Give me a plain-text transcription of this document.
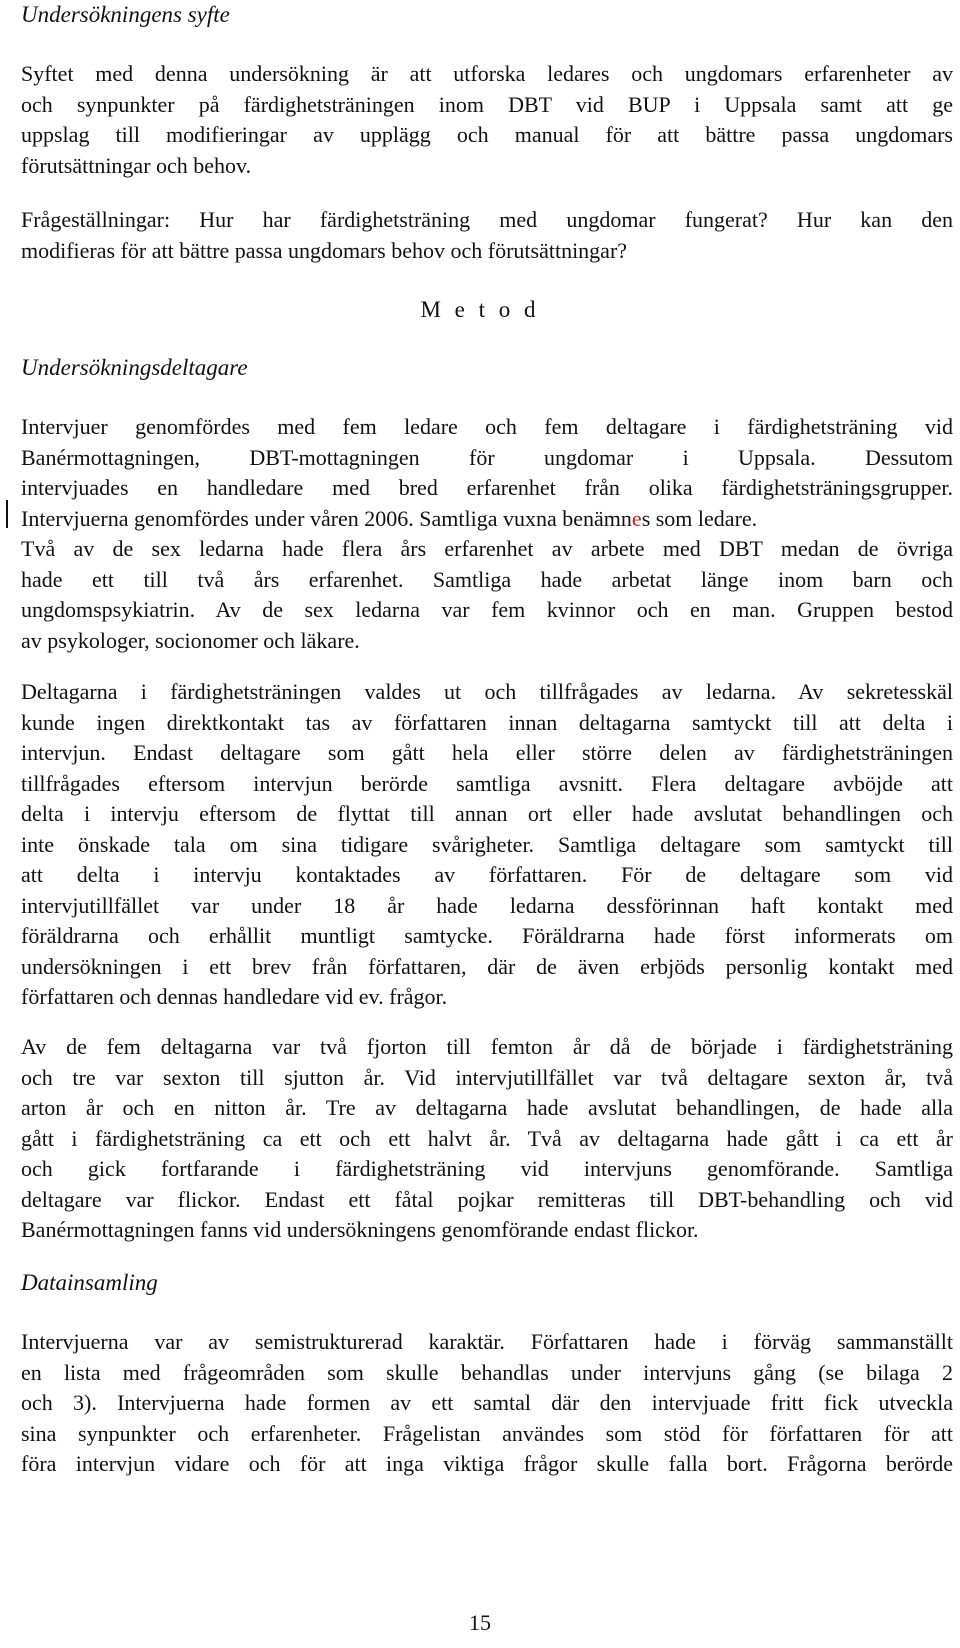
Undersökningens syfte
Syftet med denna undersökning är att utforska ledares och ungdomars erfarenheter av
och synpunkter på färdighetsträningen inom DBT vid BUP i Uppsala samt att ge
uppslag till modifieringar av upplägg och manual för att bättre passa ungdomars
förutsättningar och behov.
Frågeställningar: Hur har färdighetsträning med ungdomar fungerat? Hur kan den
modifieras för att bättre passa ungdomars behov och förutsättningar?
M e t o d
Undersökningsdeltagare
Intervjuer genomfördes med fem ledare och fem deltagare i färdighetsträning vid
Banérmottagningen, DBT-mottagningen för ungdomar i Uppsala. Dessutom
intervjuades en handledare med bred erfarenhet från olika färdighetsträningsgrupper.
Intervjuerna genomfördes under våren 2006. Samtliga vuxna benämnes som ledare.
Två av de sex ledarna hade flera års erfarenhet av arbete med DBT medan de övriga
hade ett till två års erfarenhet. Samtliga hade arbetat länge inom barn och
ungdomspsykiatrin. Av de sex ledarna var fem kvinnor och en man. Gruppen bestod
av psykologer, socionomer och läkare.
Deltagarna i färdighetsträningen valdes ut och tillfrågades av ledarna. Av sekretesskäl
kunde ingen direktkontakt tas av författaren innan deltagarna samtyckt till att delta i
intervjun. Endast deltagare som gått hela eller större delen av färdighetsträningen
tillfrågades eftersom intervjun berörde samtliga avsnitt. Flera deltagare avböjde att
delta i intervju eftersom de flyttat till annan ort eller hade avslutat behandlingen och
inte önskade tala om sina tidigare svårigheter. Samtliga deltagare som samtyckt till
att delta i intervju kontaktades av författaren. För de deltagare som vid
intervjutillfället var under 18 år hade ledarna dessförinnan haft kontakt med
föräldrarna och erhållit muntligt samtycke. Föräldrarna hade först informerats om
undersökningen i ett brev från författaren, där de även erbjöds personlig kontakt med
författaren och dennas handledare vid ev. frågor.
Av de fem deltagarna var två fjorton till femton år då de började i färdighetsträning
och tre var sexton till sjutton år. Vid intervjutillfället var två deltagare sexton år, två
arton år och en nitton år. Tre av deltagarna hade avslutat behandlingen, de hade alla
gått i färdighetsträning ca ett och ett halvt år. Två av deltagarna hade gått i ca ett år
och gick fortfarande i färdighetsträning vid intervjuns genomförande. Samtliga
deltagare var flickor. Endast ett fåtal pojkar remitteras till DBT-behandling och vid
Banérmottagningen fanns vid undersökningens genomförande endast flickor.
Datainsamling
Intervjuerna var av semistrukturerad karaktär. Författaren hade i förväg sammanställt
en lista med frågeområden som skulle behandlas under intervjuns gång (se bilaga 2
och 3). Intervjuerna hade formen av ett samtal där den intervjuade fritt fick utveckla
sina synpunkter och erfarenheter. Frågelistan användes som stöd för författaren för att
föra intervjun vidare och för att inga viktiga frågor skulle falla bort. Frågorna berörde
15
